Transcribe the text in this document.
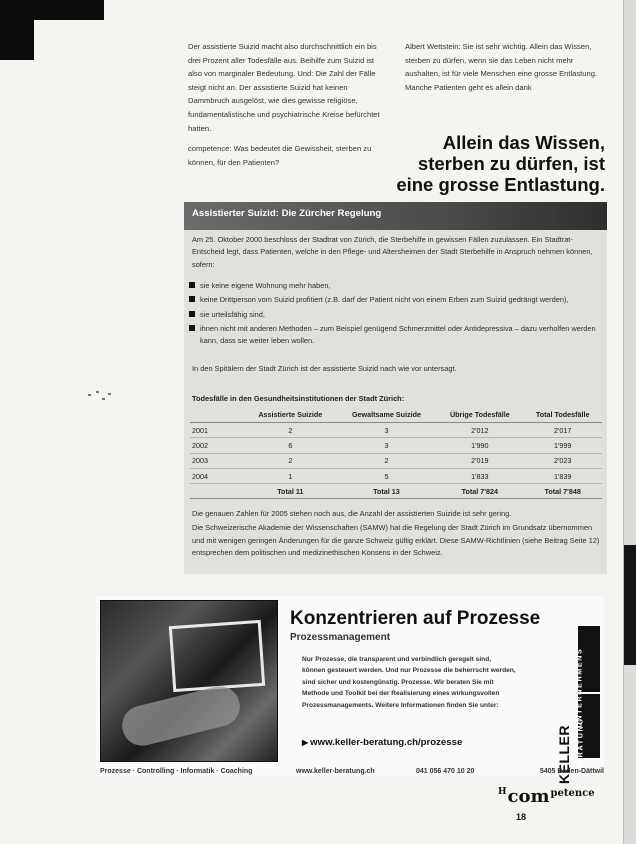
Der assistierte Suizid macht also durchschnittlich ein bis drei Prozent aller Todesfälle aus. Beihilfe zum Suizid ist also von marginaler Bedeutung. Und: Die Zahl der Fälle steigt nicht an. Der assistierte Suizid hat keinen Dammbruch ausgelöst, wie dies gewisse religiöse, fundamentalistische und psychiatrische Kreise befürchtet hatten.

competence: Was bedeutet die Gewissheit, sterben zu können, für den Patienten?

Albert Wettstein: Sie ist sehr wichtig. Allein das Wissen, sterben zu dürfen, wenn sie das Leben nicht mehr aushalten, ist für viele Menschen eine grosse Entlastung. Manche Patienten geht es allein dank

Allein das Wissen,
sterben zu dürfen, ist
eine grosse Entlastung.
Assistierter Suizid: Die Zürcher Regelung

Am 25. Oktober 2000 beschloss der Stadtrat von Zürich, die Sterbehilfe in gewissen Fällen zuzulassen. Ein Stadtrat-Entscheid legt, dass Patienten, welche in den Pflege- und Altersheimen der Stadt Sterbehilfe in Anspruch nehmen können, sofern:

sie keine eigene Wohnung mehr haben,
keine Drittperson vom Suizid profitiert (z.B. darf der Patient nicht von einem Erben zum Suizid gedrängt werden),
sie urteilsfähig sind,
ihnen nicht mit anderen Methoden – zum Beispiel genügend Schmerzmittel oder Antidepressiva – dazu verholfen werden kann, dass sie weiter leben wollen.
In den Spitälern der Stadt Zürich ist der assistierte Suizid nach wie vor untersagt.
Todesfälle in den Gesundheitsinstitutionen der Stadt Zürich:
	Assistierte Suizide	Gewaltsame Suizide	Übrige Todesfälle	Total Todesfälle
2001	2	3	2'012	2'017
2002	6	3	1'990	1'999
2003	2	2	2'019	2'023
2004	1	5	1'833	1'839
	Total 11	Total 13	Total 7'824	Total 7'848

Die genauen Zahlen für 2005 stehen noch aus, die Anzahl der assistierten Suizide ist sehr gering.

Die Schweizerische Akademie der Wissenschaften (SAMW) hat die Regelung der Stadt Zürich im Grundsatz übernommen und mit wenigen geringen Änderungen für die ganze Schweiz gültig erklärt. Diese SAMW-Richtlinien (siehe Beitrag Seite 12) entsprechen dem politischen und medizinethischen Konsens in der Schweiz.

Konzentrieren auf Prozesse
Prozessmanagement
Nur Prozesse, die transparent und verbindlich geregelt sind, können gesteuert werden. Und nur Prozesse die beherrscht werden, sind sicher und kostengünstig. Prozesse. Wir beraten Sie mit Methode und Toolkit bei der Realisierung eines wirkungsvollen Prozessmanagements. Weitere Informationen finden Sie unter:
▶ www.keller-beratung.ch/prozesse	KELLER
UNTERNEHMENS
BERATUNG
Prozesse · Controlling · Informatik · Coaching	www.keller-beratung.ch	041 056 470 10 20	5405 Baden-Dättwil
$^H$com$^{petence}$
18
